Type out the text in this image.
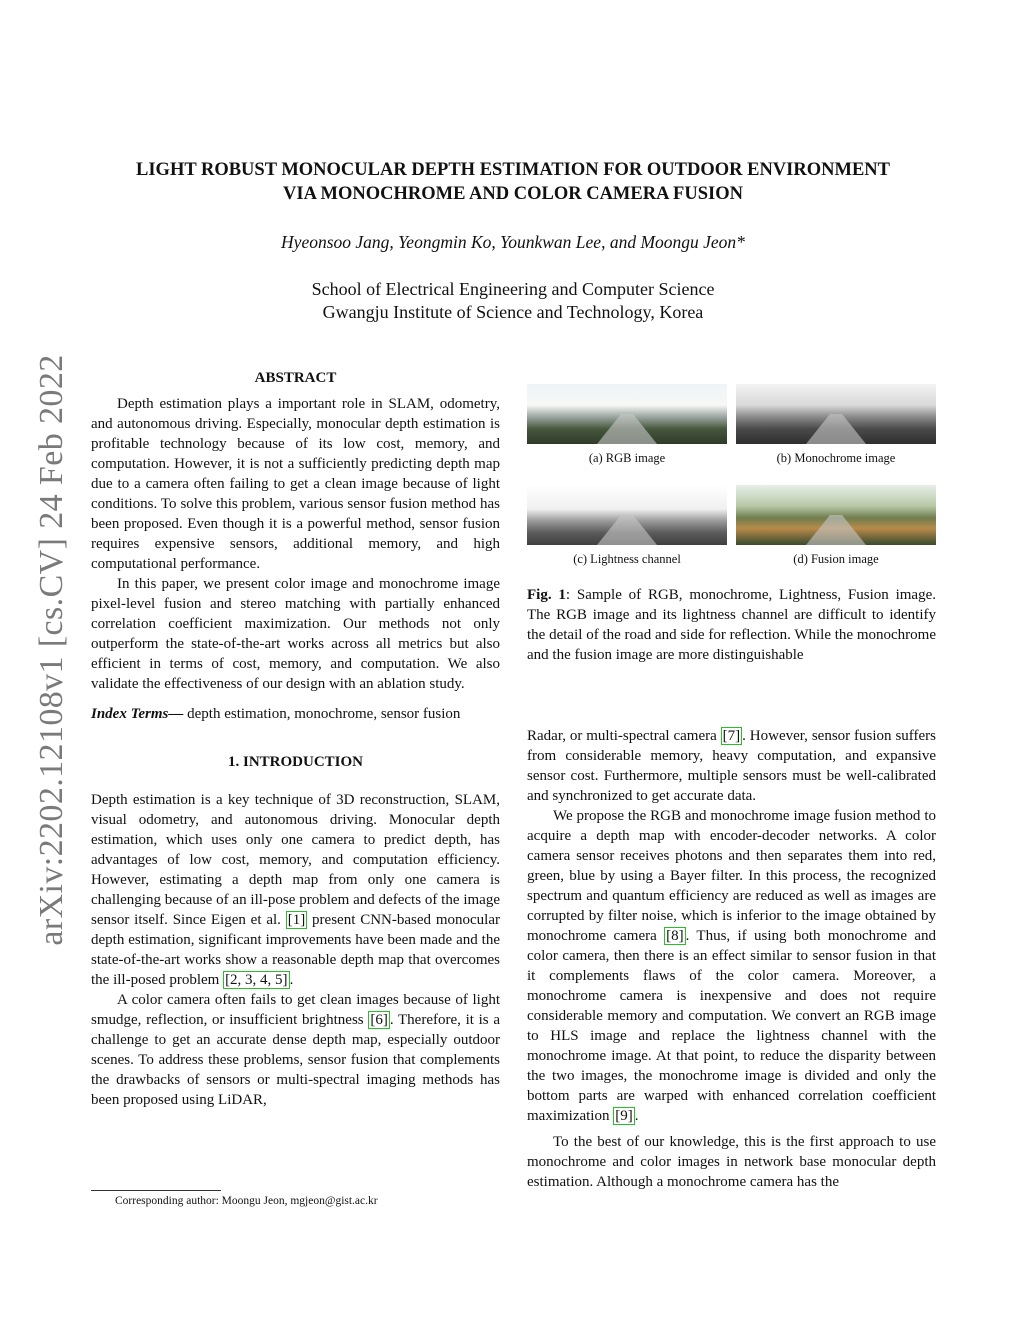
arXiv:2202.12108v1 [cs.CV] 24 Feb 2022
LIGHT ROBUST MONOCULAR DEPTH ESTIMATION FOR OUTDOOR ENVIRONMENT
VIA MONOCHROME AND COLOR CAMERA FUSION
Hyeonsoo Jang, Yeongmin Ko, Younkwan Lee, and Moongu Jeon*
School of Electrical Engineering and Computer Science
Gwangju Institute of Science and Technology, Korea
ABSTRACT

Depth estimation plays a important role in SLAM, odometry, and autonomous driving. Especially, monocular depth estimation is profitable technology because of its low cost, memory, and computation. However, it is not a sufficiently predicting depth map due to a camera often failing to get a clean image because of light conditions. To solve this problem, various sensor fusion method has been proposed. Even though it is a powerful method, sensor fusion requires expensive sensors, additional memory, and high computational performance.

In this paper, we present color image and monochrome image pixel-level fusion and stereo matching with partially enhanced correlation coefficient maximization. Our methods not only outperform the state-of-the-art works across all metrics but also efficient in terms of cost, memory, and computation. We also validate the effectiveness of our design with an ablation study.

Index Terms— depth estimation, monochrome, sensor fusion

1. INTRODUCTION

Depth estimation is a key technique of 3D reconstruction, SLAM, visual odometry, and autonomous driving. Monocular depth estimation, which uses only one camera to predict depth, has advantages of low cost, memory, and computation efficiency. However, estimating a depth map from only one camera is challenging because of an ill-pose problem and defects of the image sensor itself. Since Eigen et al. [1] present CNN-based monocular depth estimation, significant improvements have been made and the state-of-the-art works show a reasonable depth map that overcomes the ill-posed problem [2, 3, 4, 5] .

A color camera often fails to get clean images because of light smudge, reflection, or insufficient brightness [6] . Therefore, it is a challenge to get an accurate dense depth map, especially outdoor scenes. To address these problems, sensor fusion that complements the drawbacks of sensors or multi-spectral imaging methods has been proposed using LiDAR,

Corresponding author: Moongu Jeon, mgjeon@gist.ac.kr
(a) RGB image	(b) Monochrome image
(c) Lightness channel	(d) Fusion image
Fig. 1: Sample of RGB, monochrome, Lightness, Fusion image. The RGB image and its lightness channel are difficult to identify the detail of the road and side for reflection. While the monochrome and the fusion image are more distinguishable

Radar, or multi-spectral camera [7] . However, sensor fusion suffers from considerable memory, heavy computation, and expansive sensor cost. Furthermore, multiple sensors must be well-calibrated and synchronized to get accurate data.

We propose the RGB and monochrome image fusion method to acquire a depth map with encoder-decoder networks. A color camera sensor receives photons and then separates them into red, green, blue by using a Bayer filter. In this process, the recognized spectrum and quantum efficiency are reduced as well as images are corrupted by filter noise, which is inferior to the image obtained by monochrome camera [8] . Thus, if using both monochrome and color camera, then there is an effect similar to sensor fusion in that it complements flaws of the color camera. Moreover, a monochrome camera is inexpensive and does not require considerable memory and computation. We convert an RGB image to HLS image and replace the lightness channel with the monochrome image. At that point, to reduce the disparity between the two images, the monochrome image is divided and only the bottom parts are warped with enhanced correlation coefficient maximization [9] .

To the best of our knowledge, this is the first approach to use monochrome and color images in network base monocular depth estimation. Although a monochrome camera has the
